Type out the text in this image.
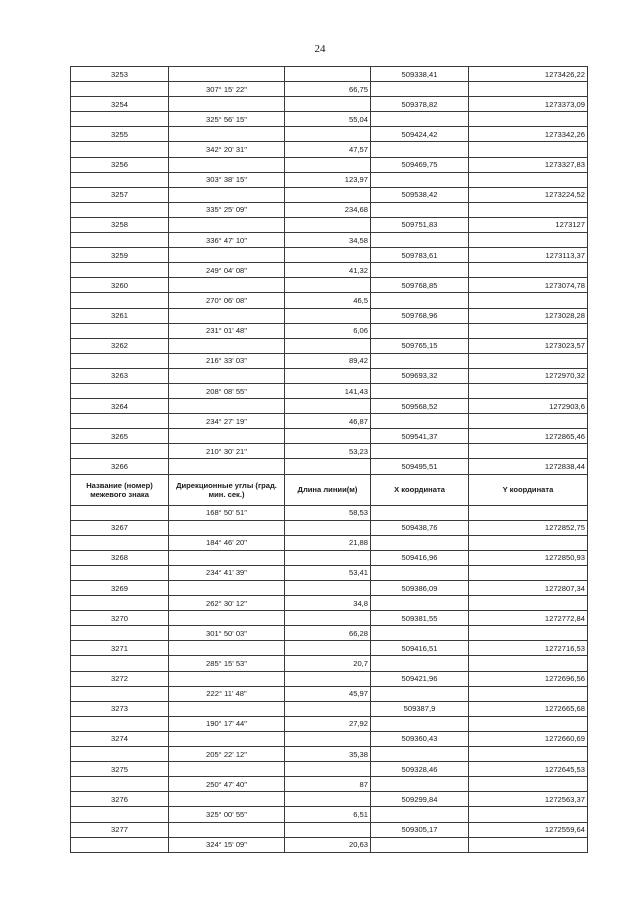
24
3253			509338,41	1273426,22
	307° 15' 22"	66,75		
3254			509378,82	1273373,09
	325° 56' 15"	55,04		
3255			509424,42	1273342,26
	342° 20' 31"	47,57		
3256			509469,75	1273327,83
	303° 38' 15"	123,97		
3257			509538,42	1273224,52
	335° 25' 09"	234,68		
3258			509751,83	1273127
	336° 47' 10"	34,58		
3259			509783,61	1273113,37
	249° 04' 08"	41,32		
3260			509768,85	1273074,78
	270° 06' 08"	46,5		
3261			509768,96	1273028,28
	231° 01' 48"	6,06		
3262			509765,15	1273023,57
	216° 33' 03"	89,42		
3263			509693,32	1272970,32
	208° 08' 55"	141,43		
3264			509568,52	1272903,6
	234° 27' 19"	46,87		
3265			509541,37	1272865,46
	210° 30' 21"	53,23		
3266			509495,51	1272838,44
Название (номер) межевого знака	Дирекционные углы (град. мин. сек.)	Длина линии(м)	X координата	Y координата
	168° 50' 51"	58,53		
3267			509438,76	1272852,75
	184° 46' 20"	21,88		
3268			509416,96	1272850,93
	234° 41' 39"	53,41		
3269			509386,09	1272807,34
	262° 30' 12"	34,8		
3270			509381,55	1272772,84
	301° 50' 03"	66,28		
3271			509416,51	1272716,53
	285° 15' 53"	20,7		
3272			509421,96	1272696,56
	222° 11' 48"	45,97		
3273			509387,9	1272665,68
	190° 17' 44"	27,92		
3274			509360,43	1272660,69
	205° 22' 12"	35,38		
3275			509328,46	1272645,53
	250° 47' 40"	87		
3276			509299,84	1272563,37
	325° 00' 55"	6,51		
3277			509305,17	1272559,64
	324° 15' 09"	20,63		
